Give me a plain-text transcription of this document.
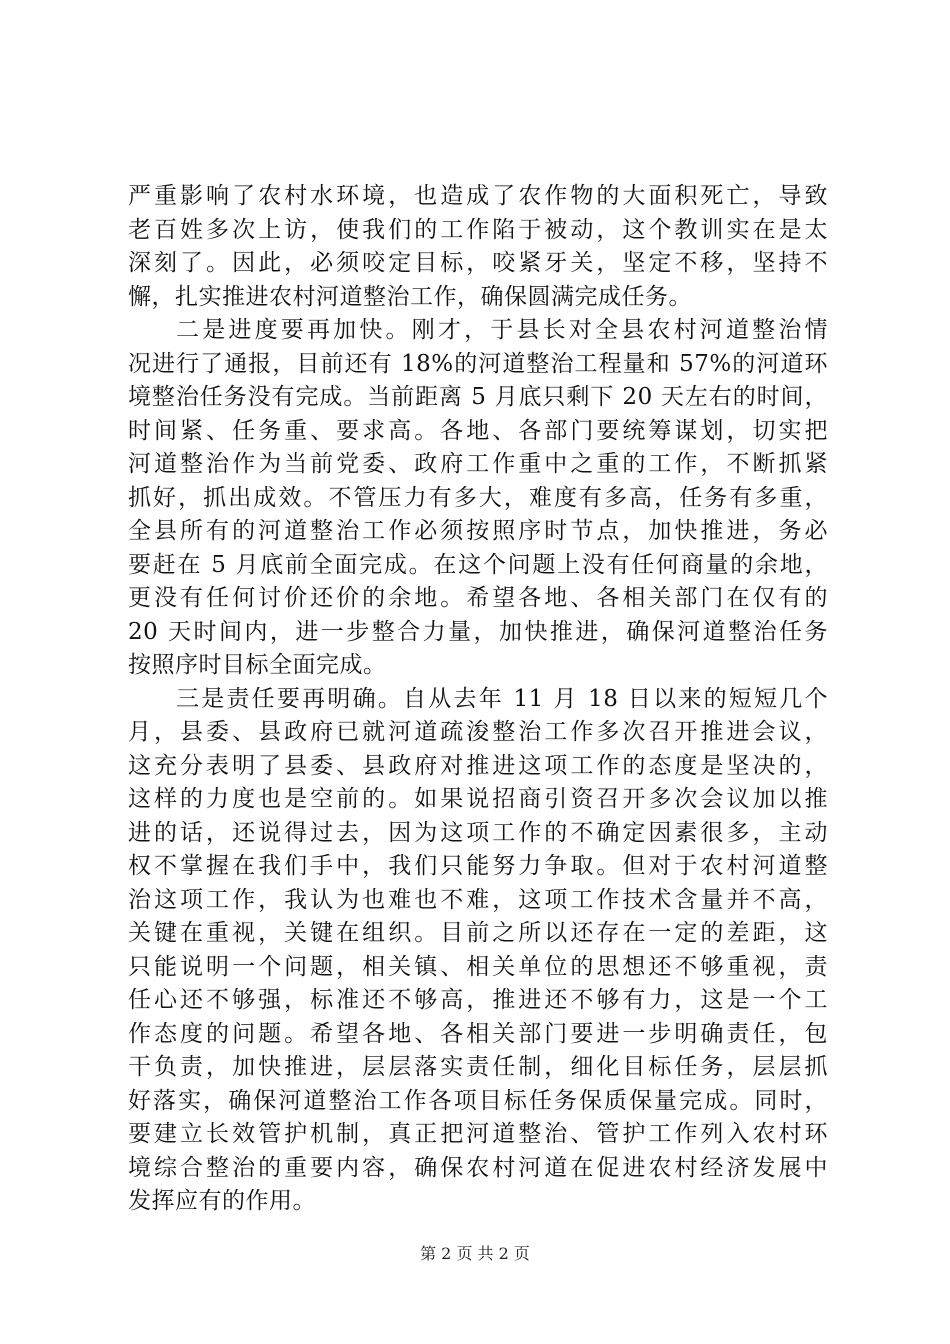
严重影响了农村水环境，也造成了农作物的大面积死亡，导致
老百姓多次上访，使我们的工作陷于被动，这个教训实在是太
深刻了。因此，必须咬定目标，咬紧牙关，坚定不移，坚持不
懈，扎实推进农村河道整治工作，确保圆满完成任务。
二是进度要再加快。刚才，于县长对全县农村河道整治情
况进行了通报，目前还有 18%的河道整治工程量和 57%的河道环
境整治任务没有完成。当前距离 5 月底只剩下 20 天左右的时间，
时间紧、任务重、要求高。各地、各部门要统筹谋划，切实把
河道整治作为当前党委、政府工作重中之重的工作，不断抓紧
抓好，抓出成效。不管压力有多大，难度有多高，任务有多重，
全县所有的河道整治工作必须按照序时节点，加快推进，务必
要赶在 5 月底前全面完成。在这个问题上没有任何商量的余地，
更没有任何讨价还价的余地。希望各地、各相关部门在仅有的
20 天时间内，进一步整合力量，加快推进，确保河道整治任务
按照序时目标全面完成。
三是责任要再明确。自从去年 11 月 18 日以来的短短几个
月，县委、县政府已就河道疏浚整治工作多次召开推进会议，
这充分表明了县委、县政府对推进这项工作的态度是坚决的，
这样的力度也是空前的。如果说招商引资召开多次会议加以推
进的话，还说得过去，因为这项工作的不确定因素很多，主动
权不掌握在我们手中，我们只能努力争取。但对于农村河道整
治这项工作，我认为也难也不难，这项工作技术含量并不高，
关键在重视，关键在组织。目前之所以还存在一定的差距，这
只能说明一个问题，相关镇、相关单位的思想还不够重视，责
任心还不够强，标准还不够高，推进还不够有力，这是一个工
作态度的问题。希望各地、各相关部门要进一步明确责任，包
干负责，加快推进，层层落实责任制，细化目标任务，层层抓
好落实，确保河道整治工作各项目标任务保质保量完成。同时，
要建立长效管护机制，真正把河道整治、管护工作列入农村环
境综合整治的重要内容，确保农村河道在促进农村经济发展中
发挥应有的作用。
第 2 页 共 2 页
